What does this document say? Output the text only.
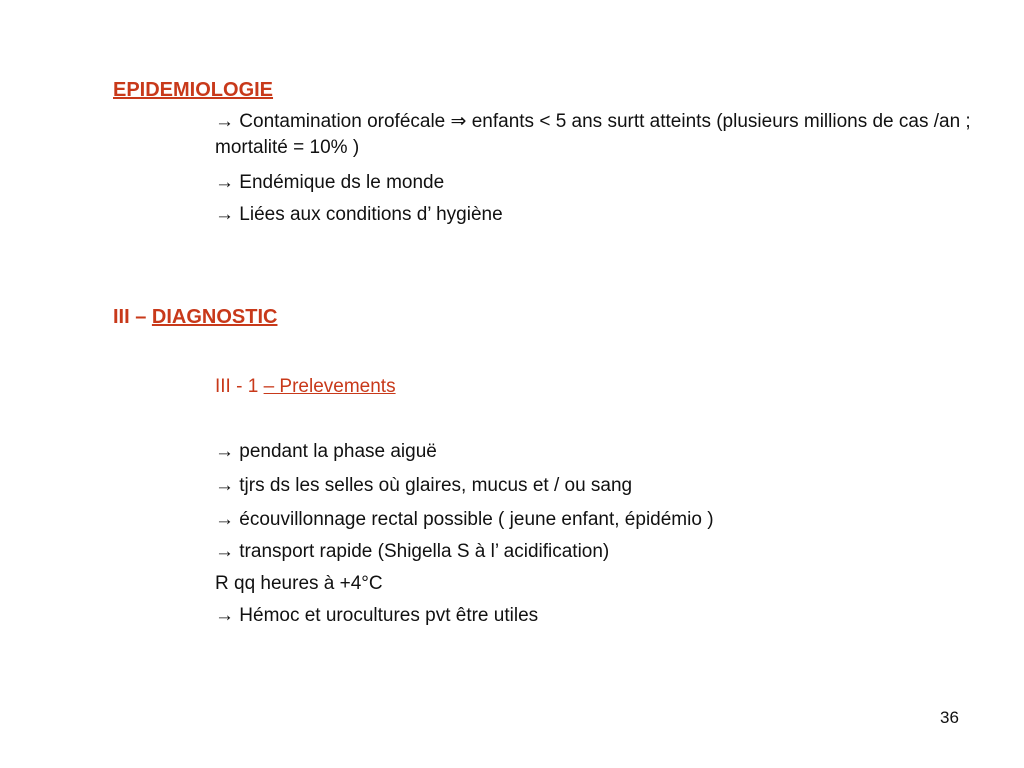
EPIDEMIOLOGIE
→ Contamination orofécale ⇒ enfants < 5 ans surtt atteints (plusieurs millions de cas /an ; mortalité = 10% )
→ Endémique ds le monde
→ Liées aux conditions d’ hygiène
III – DIAGNOSTIC
III - 1 – Prelevements
→ pendant la phase aiguë
→ tjrs ds les selles où glaires, mucus et / ou sang
→ écouvillonnage rectal possible ( jeune enfant, épidémio )
→ transport rapide (Shigella S à l’ acidification)
R qq heures à +4°C
→ Hémoc et urocultures pvt être utiles
36
